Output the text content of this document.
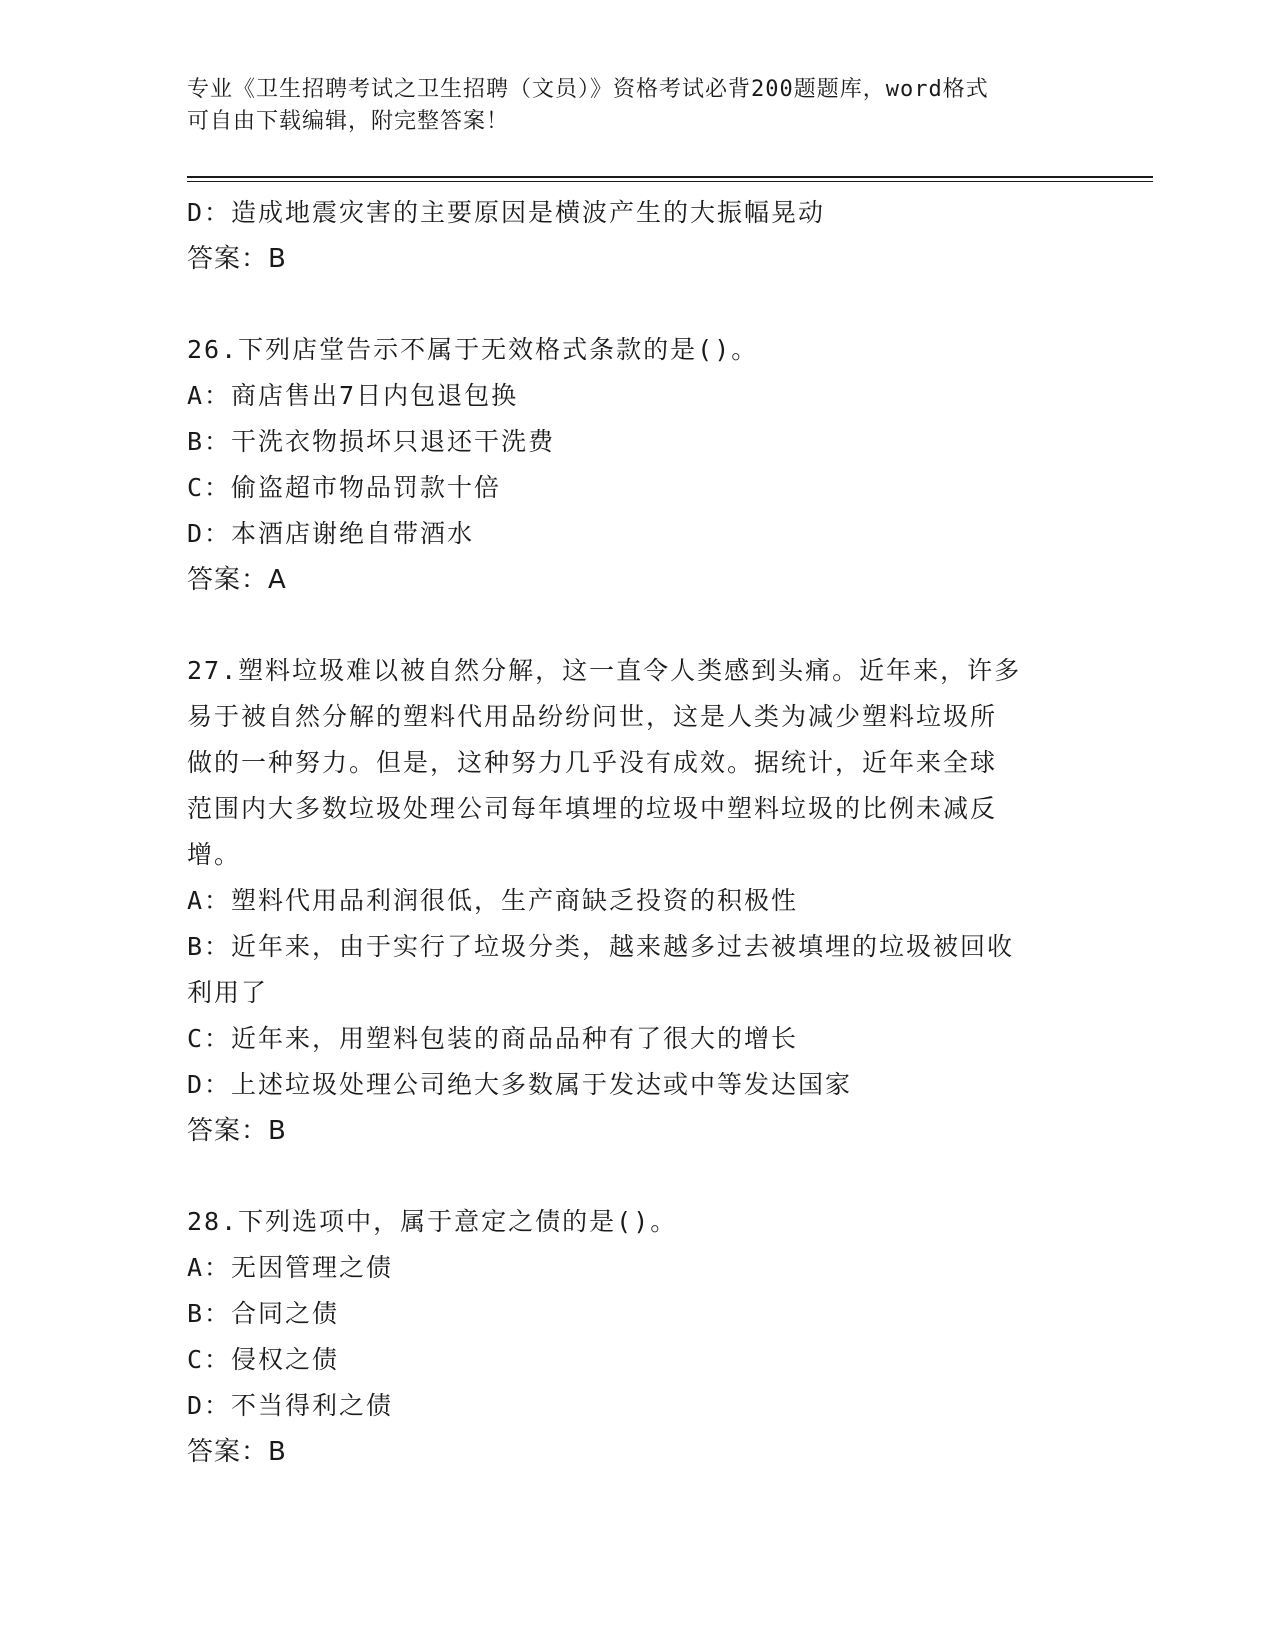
专业《卫生招聘考试之卫生招聘（文员）》资格考试必背200题题库，word格式
可自由下载编辑，附完整答案！
D：造成地震灾害的主要原因是横波产生的大振幅晃动
答案：B
26.下列店堂告示不属于无效格式条款的是()。
A：商店售出7日内包退包换
B：干洗衣物损坏只退还干洗费
C：偷盗超市物品罚款十倍
D：本酒店谢绝自带酒水
答案：A
27.塑料垃圾难以被自然分解，这一直令人类感到头痛。近年来，许多
易于被自然分解的塑料代用品纷纷问世，这是人类为减少塑料垃圾所
做的一种努力。但是，这种努力几乎没有成效。据统计，近年来全球
范围内大多数垃圾处理公司每年填埋的垃圾中塑料垃圾的比例未减反
增。
A：塑料代用品利润很低，生产商缺乏投资的积极性
B：近年来，由于实行了垃圾分类，越来越多过去被填埋的垃圾被回收
利用了
C：近年来，用塑料包装的商品品种有了很大的增长
D：上述垃圾处理公司绝大多数属于发达或中等发达国家
答案：B
28.下列选项中，属于意定之债的是()。
A：无因管理之债
B：合同之债
C：侵权之债
D：不当得利之债
答案：B
